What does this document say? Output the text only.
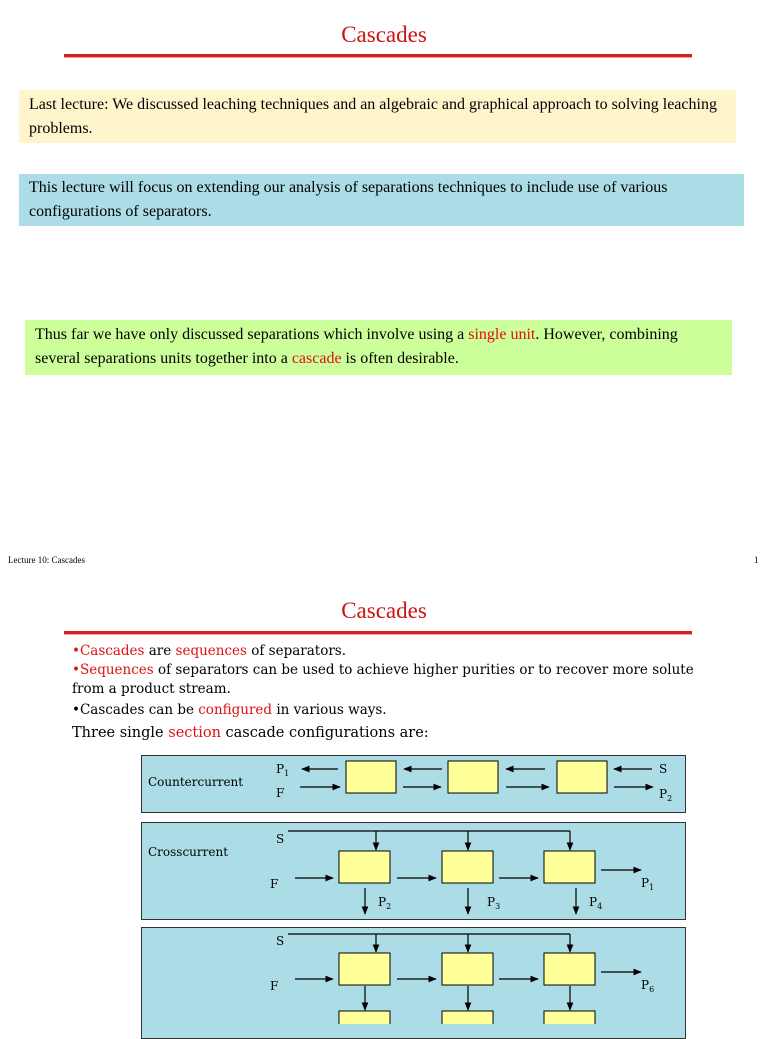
Cascades
Last lecture: We discussed leaching techniques and an algebraic and graphical approach to solving leaching problems.
This lecture will focus on extending our analysis of separations techniques to include use of various configurations of separators.
Thus far we have only discussed separations which involve using a single unit. However, combining several separations units together into a cascade is often desirable.
Lecture 10: Cascades	1
Cascades
•Cascades are sequences of separators.
•Sequences of separators can be used to achieve higher purities or to recover more solute from a product stream.
•Cascades can be configured in various ways.
Three single section cascade configurations are:
Countercurrent
$P_1$
F
S
$P_2$
Crosscurrent
S
F	$P_1$
$P_2$	$P_3$	$P_4$
S
F	$P_6$
